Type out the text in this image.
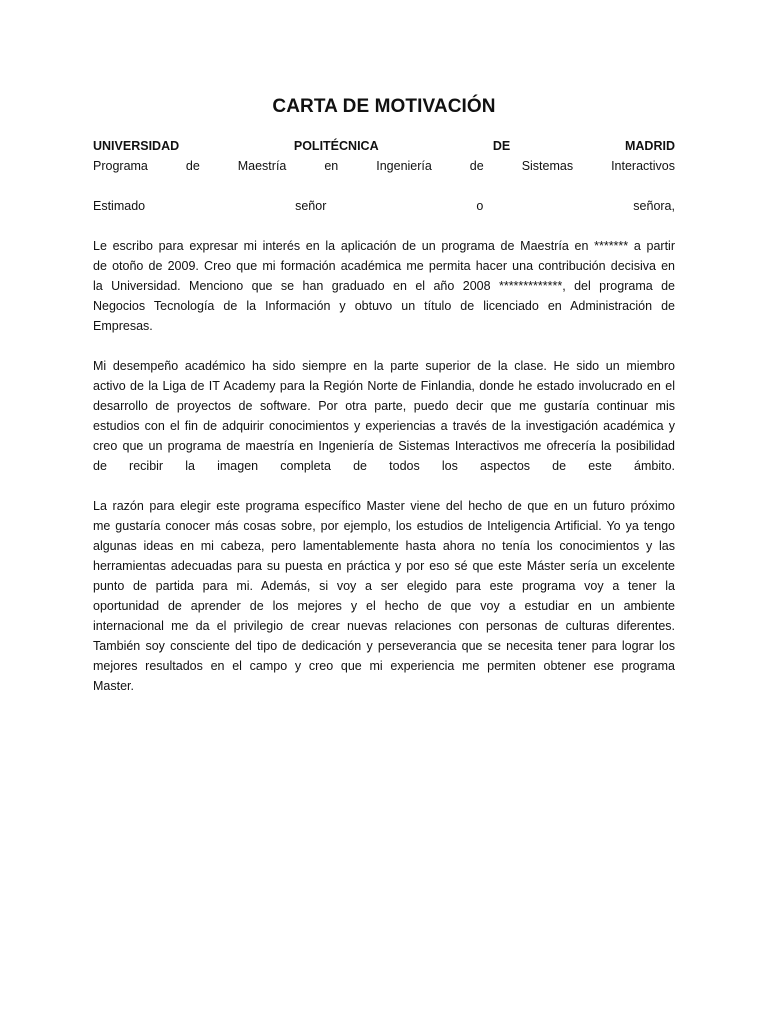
CARTA DE MOTIVACIÓN
UNIVERSIDAD POLITÉCNICA DE MADRID
Programa de Maestría en Ingeniería de Sistemas Interactivos
Estimado señor o señora,
Le escribo para expresar mi interés en la aplicación de un programa de Maestría en ******* a partir
de otoño de 2009. Creo que mi formación académica me permita hacer una contribución decisiva en
la Universidad. Menciono que se han graduado en el año 2008 *************, del programa de
Negocios Tecnología de la Información y obtuvo un título de licenciado en Administración de
Empresas.
Mi desempeño académico ha sido siempre en la parte superior de la clase. He sido un miembro
activo de la Liga de IT Academy para la Región Norte de Finlandia, donde he estado involucrado en el
desarrollo de proyectos de software. Por otra parte, puedo decir que me gustaría continuar mis
estudios con el fin de adquirir conocimientos y experiencias a través de la investigación académica y
creo que un programa de maestría en Ingeniería de Sistemas Interactivos me ofrecería la posibilidad
de recibir la imagen completa de todos los aspectos de este ámbito.
La razón para elegir este programa específico Master viene del hecho de que en un futuro próximo
me gustaría conocer más cosas sobre, por ejemplo, los estudios de Inteligencia Artificial. Yo ya tengo
algunas ideas en mi cabeza, pero lamentablemente hasta ahora no tenía los conocimientos y las
herramientas adecuadas para su puesta en práctica y por eso sé que este Máster sería un excelente
punto de partida para mi. Además, si voy a ser elegido para este programa voy a tener la
oportunidad de aprender de los mejores y el hecho de que voy a estudiar en un ambiente
internacional me da el privilegio de crear nuevas relaciones con personas de culturas diferentes.
También soy consciente del tipo de dedicación y perseverancia que se necesita tener para lograr los
mejores resultados en el campo y creo que mi experiencia me permiten obtener ese programa
Master.
